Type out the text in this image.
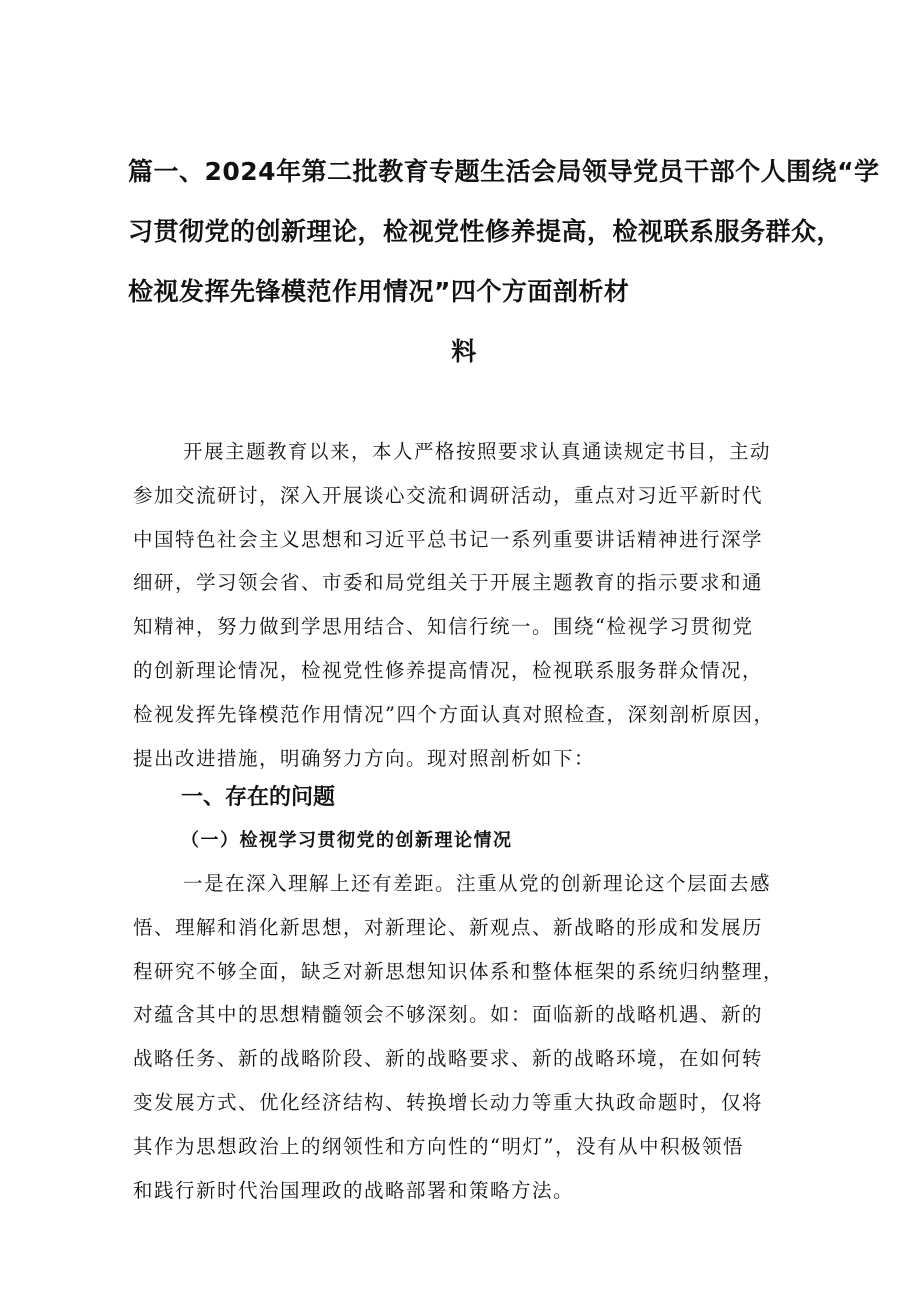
篇一、2024年第二批教育专题生活会局领导党员干部个人围绕“学
习贯彻党的创新理论，检视党性修养提高，检视联系服务群众，
检视发挥先锋模范作用情况”四个方面剖析材
料

开展主题教育以来，本人严格按照要求认真通读规定书目，主动
参加交流研讨，深入开展谈心交流和调研活动，重点对习近平新时代
中国特色社会主义思想和习近平总书记一系列重要讲话精神进行深学
细研，学习领会省、市委和局党组关于开展主题教育的指示要求和通
知精神，努力做到学思用结合、知信行统一。围绕“检视学习贯彻党
的创新理论情况，检视党性修养提高情况，检视联系服务群众情况，
检视发挥先锋模范作用情况”四个方面认真对照检查，深刻剖析原因，
提出改进措施，明确努力方向。现对照剖析如下：

一、存在的问题
（一）检视学习贯彻党的创新理论情况

一是在深入理解上还有差距。注重从党的创新理论这个层面去感
悟、理解和消化新思想，对新理论、新观点、新战略的形成和发展历
程研究不够全面，缺乏对新思想知识体系和整体框架的系统归纳整理，
对蕴含其中的思想精髓领会不够深刻。如：面临新的战略机遇、新的
战略任务、新的战略阶段、新的战略要求、新的战略环境，在如何转
变发展方式、优化经济结构、转换增长动力等重大执政命题时，仅将
其作为思想政治上的纲领性和方向性的“明灯”，没有从中积极领悟
和践行新时代治国理政的战略部署和策略方法。
